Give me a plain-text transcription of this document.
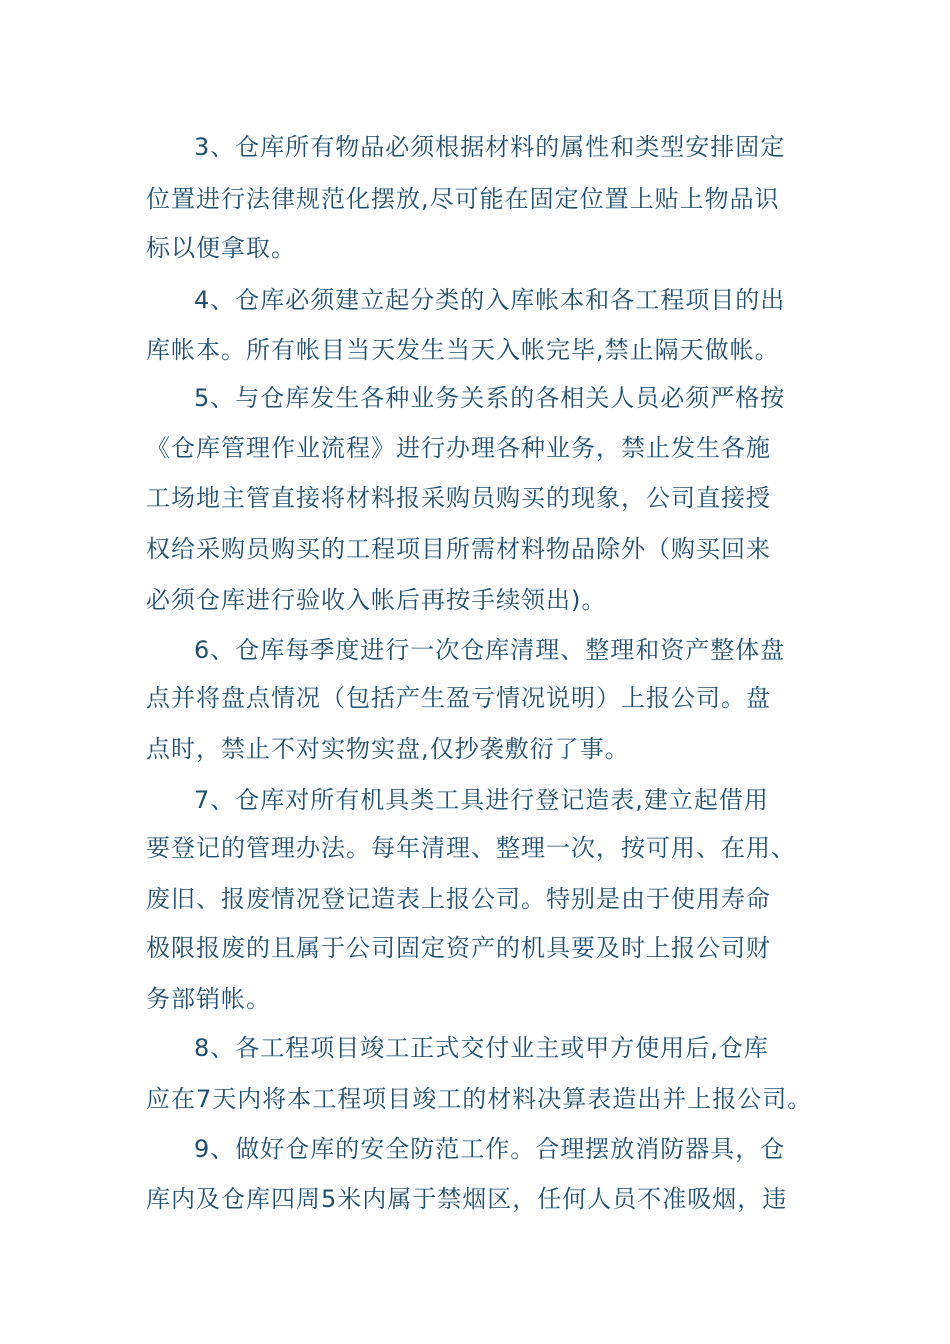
3、仓库所有物品必须根据材料的属性和类型安排固定
位置进行法律规范化摆放,尽可能在固定位置上贴上物品识
标以便拿取。
4、仓库必须建立起分类的入库帐本和各工程项目的出
库帐本。所有帐目当天发生当天入帐完毕,禁止隔天做帐。
5、与仓库发生各种业务关系的各相关人员必须严格按
《仓库管理作业流程》进行办理各种业务，禁止发生各施
工场地主管直接将材料报采购员购买的现象，公司直接授
权给采购员购买的工程项目所需材料物品除外（购买回来
必须仓库进行验收入帐后再按手续领出)。
6、仓库每季度进行一次仓库清理、整理和资产整体盘
点并将盘点情况（包括产生盈亏情况说明）上报公司。盘
点时，禁止不对实物实盘,仅抄袭敷衍了事。
7、仓库对所有机具类工具进行登记造表,建立起借用
要登记的管理办法。每年清理、整理一次，按可用、在用、
废旧、报废情况登记造表上报公司。特别是由于使用寿命
极限报废的且属于公司固定资产的机具要及时上报公司财
务部销帐。
8、各工程项目竣工正式交付业主或甲方使用后,仓库
应在7天内将本工程项目竣工的材料决算表造出并上报公司。
9、做好仓库的安全防范工作。合理摆放消防器具，仓
库内及仓库四周5米内属于禁烟区，任何人员不准吸烟，违
